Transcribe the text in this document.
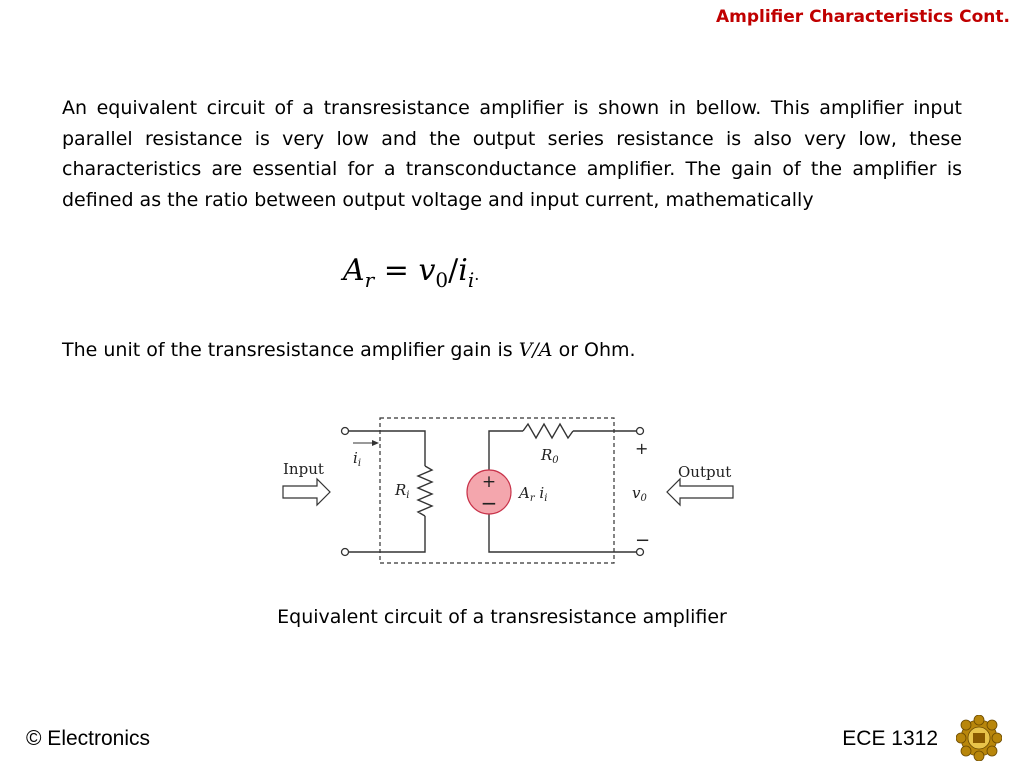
Amplifier Characteristics Cont.

An equivalent circuit of a transresistance amplifier is shown in bellow. This amplifier input parallel resistance is very low and the output series resistance is also very low, these characteristics are essential for a transconductance amplifier. The gain of the amplifier is defined as the ratio between output voltage and input current, mathematically

$A_r = v_0/i_i$.
The unit of the transresistance amplifier gain is V/A or Ohm.
$i_i$
$R_i$
Input
+
− $A_r$ $i_i$
$R_0$
+
−
$v_0$
Output
Equivalent circuit of a transresistance amplifier
© Electronics	ECE 1312
